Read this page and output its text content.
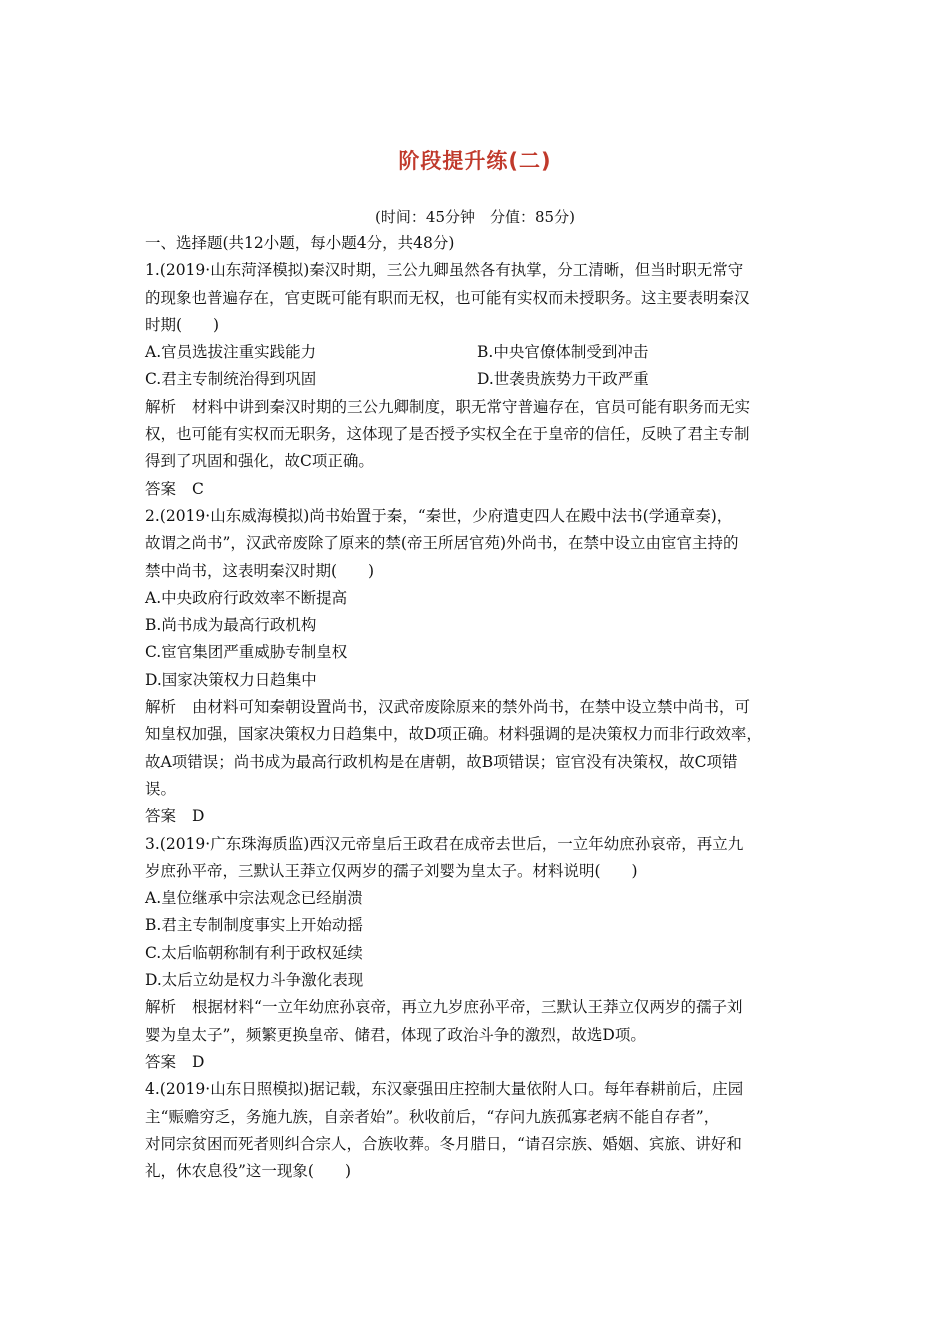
阶段提升练(二)
(时间：45分钟　分值：85分)
一、选择题(共12小题，每小题4分，共48分)
1.(2019·山东菏泽模拟)秦汉时期，三公九卿虽然各有执掌，分工清晰，但当时职无常守
的现象也普遍存在，官吏既可能有职而无权，也可能有实权而未授职务。这主要表明秦汉
时期(　　)
A.官员选拔注重实践能力	B.中央官僚体制受到冲击
C.君主专制统治得到巩固	D.世袭贵族势力干政严重
解析 材料中讲到秦汉时期的三公九卿制度，职无常守普遍存在，官员可能有职务而无实
权，也可能有实权而无职务，这体现了是否授予实权全在于皇帝的信任，反映了君主专制
得到了巩固和强化，故C项正确。
答案 C
2.(2019·山东威海模拟)尚书始置于秦，“秦世，少府遣吏四人在殿中法书(学通章奏)，
故谓之尚书”，汉武帝废除了原来的禁(帝王所居官苑)外尚书，在禁中设立由宦官主持的
禁中尚书，这表明秦汉时期(　　)
A.中央政府行政效率不断提高
B.尚书成为最高行政机构
C.宦官集团严重威胁专制皇权
D.国家决策权力日趋集中
解析 由材料可知秦朝设置尚书，汉武帝废除原来的禁外尚书，在禁中设立禁中尚书，可
知皇权加强，国家决策权力日趋集中，故D项正确。材料强调的是决策权力而非行政效率，
故A项错误；尚书成为最高行政机构是在唐朝，故B项错误；宦官没有决策权，故C项错
误。
答案 D
3.(2019·广东珠海质监)西汉元帝皇后王政君在成帝去世后，一立年幼庶孙哀帝，再立九
岁庶孙平帝，三默认王莽立仅两岁的孺子刘婴为皇太子。材料说明(　　)
A.皇位继承中宗法观念已经崩溃
B.君主专制制度事实上开始动摇
C.太后临朝称制有利于政权延续
D.太后立幼是权力斗争激化表现
解析 根据材料“一立年幼庶孙哀帝，再立九岁庶孙平帝，三默认王莽立仅两岁的孺子刘
婴为皇太子”，频繁更换皇帝、储君，体现了政治斗争的激烈，故选D项。
答案 D
4.(2019·山东日照模拟)据记载，东汉豪强田庄控制大量依附人口。每年春耕前后，庄园
主“赈赡穷乏，务施九族，自亲者始”。秋收前后，“存问九族孤寡老病不能自存者”，
对同宗贫困而死者则纠合宗人，合族收葬。冬月腊日，“请召宗族、婚姻、宾旅、讲好和
礼，休农息役”这一现象(　　)
